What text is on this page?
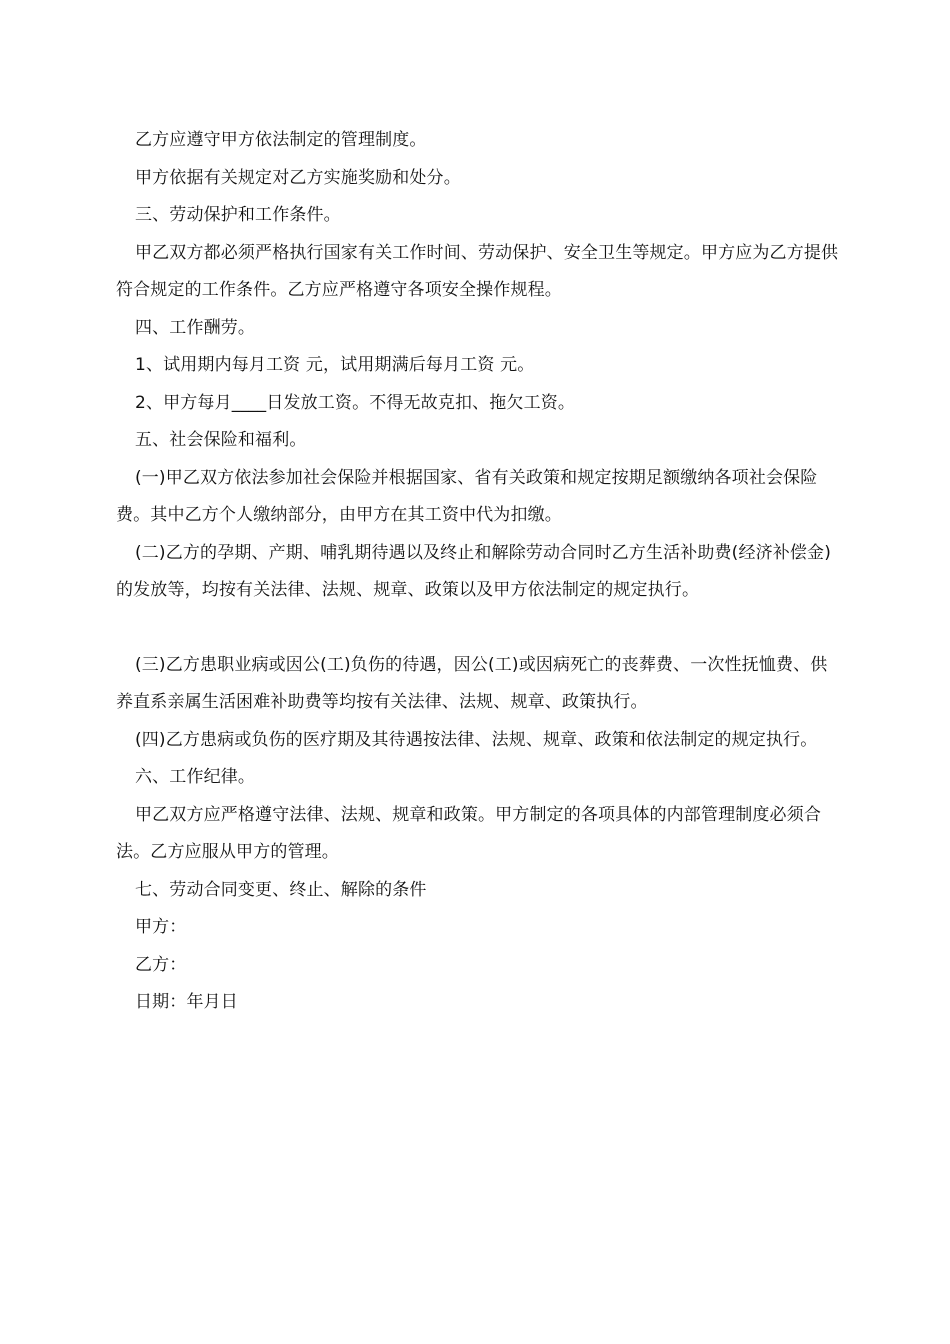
乙方应遵守甲方依法制定的管理制度。

甲方依据有关规定对乙方实施奖励和处分。

三、劳动保护和工作条件。

甲乙双方都必须严格执行国家有关工作时间、劳动保护、安全卫生等规定。甲方应为乙方提供符合规定的工作条件。乙方应严格遵守各项安全操作规程。

四、工作酬劳。

1、试用期内每月工资 元，试用期满后每月工资 元。

2、甲方每月____日发放工资。不得无故克扣、拖欠工资。

五、社会保险和福利。

(一)甲乙双方依法参加社会保险并根据国家、省有关政策和规定按期足额缴纳各项社会保险费。其中乙方个人缴纳部分，由甲方在其工资中代为扣缴。

(二)乙方的孕期、产期、哺乳期待遇以及终止和解除劳动合同时乙方生活补助费(经济补偿金)的发放等，均按有关法律、法规、规章、政策以及甲方依法制定的规定执行。

(三)乙方患职业病或因公(工)负伤的待遇，因公(工)或因病死亡的丧葬费、一次性抚恤费、供养直系亲属生活困难补助费等均按有关法律、法规、规章、政策执行。

(四)乙方患病或负伤的医疗期及其待遇按法律、法规、规章、政策和依法制定的规定执行。

六、工作纪律。

甲乙双方应严格遵守法律、法规、规章和政策。甲方制定的各项具体的内部管理制度必须合法。乙方应服从甲方的管理。

七、劳动合同变更、终止、解除的条件

甲方：

乙方：

日期：年月日
